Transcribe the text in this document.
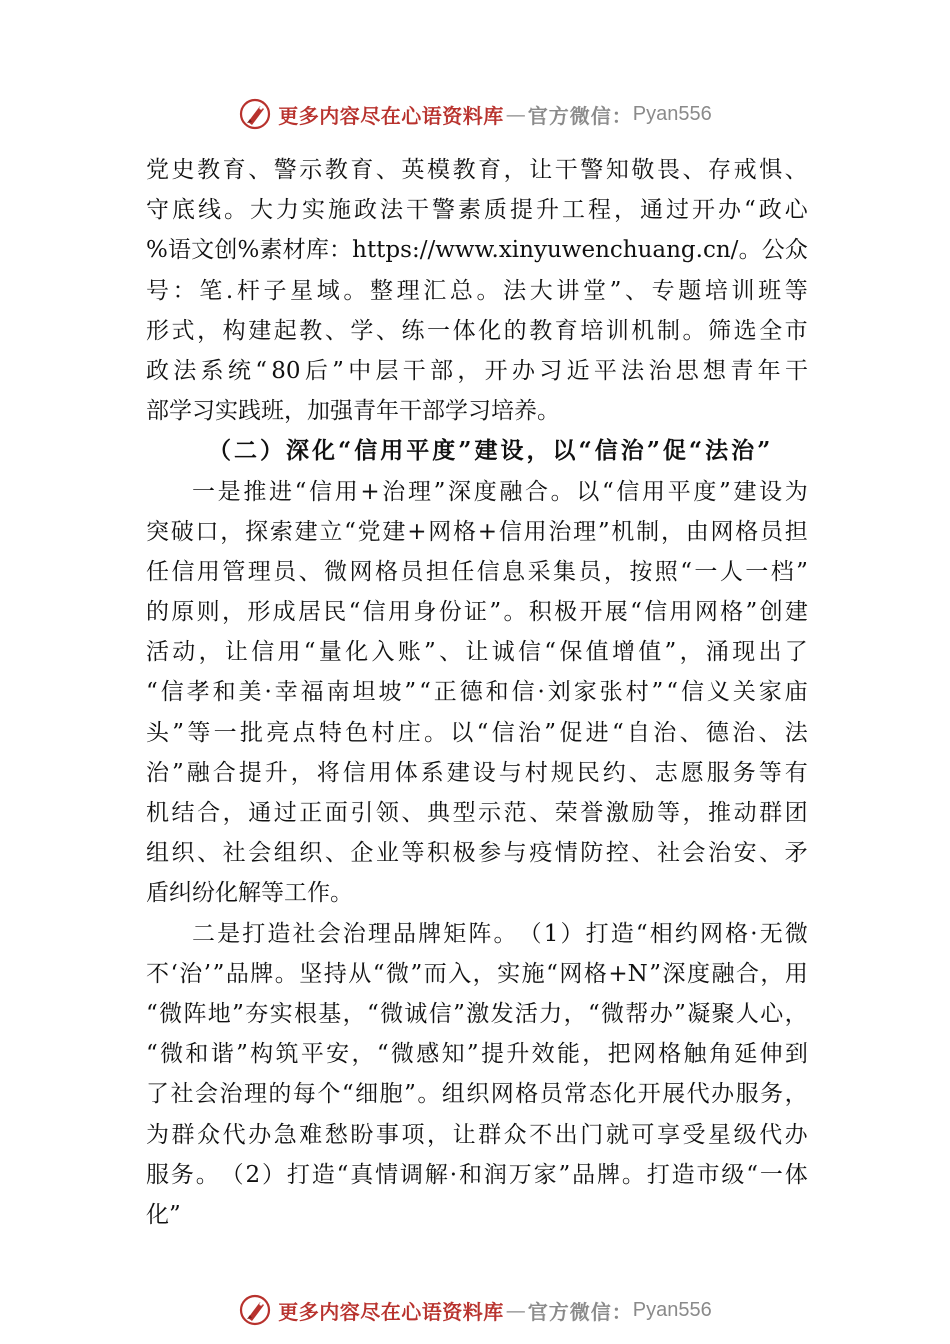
更多内容尽在心语资料库 — 官方微信： Pyan556
党 史 教 育 、 警 示 教 育 、 英 模 教 育 ， 让 干 警 知 敬 畏 、 存 戒 惧 、
守 底 线 。 大 力 实 施 政 法 干 警 素 质 提 升 工 程 ， 通 过 开 办 “ 政 心
% 语 文 创 % 素 材 库 ： https://www.xinyuwenchuang.cn/ 。 公 众
号 ： 笔 . 杆 子 星 域 。 整 理 汇 总 。 法 大 讲 堂 ” 、 专 题 培 训 班 等
形 式 ， 构 建 起 教 、 学 、 练 一 体 化 的 教 育 培 训 机 制 。 筛 选 全 市
政 法 系 统 “ 80 后 ” 中 层 干 部 ， 开 办 习 近 平 法 治 思 想 青 年 干
部学习实践班，加强青年干部学习培养。
（二）深化“信用平度”建设，以“信治”促“法治”
一 是 推 进 “ 信 用 + 治 理 ” 深 度 融 合 。 以 “ 信 用 平 度 ” 建 设 为
突 破 口 ， 探 索 建 立 “ 党 建 + 网 格 + 信 用 治 理 ” 机 制 ， 由 网 格 员 担
任 信 用 管 理 员 、 微 网 格 员 担 任 信 息 采 集 员 ， 按 照 “ 一 人 一 档 ”
的 原 则 ， 形 成 居 民 “ 信 用 身 份 证 ” 。 积 极 开 展 “ 信 用 网 格 ” 创 建
活 动 ， 让 信 用 “ 量 化 入 账 ” 、 让 诚 信 “ 保 值 增 值 ” ， 涌 现 出 了
“ 信 孝 和 美 · 幸 福 南 坦 坡 ” “ 正 德 和 信 · 刘 家 张 村 ” “ 信 义 关 家 庙
头 ” 等 一 批 亮 点 特 色 村 庄 。 以 “ 信 治 ” 促 进 “ 自 治 、 德 治 、 法
治 ” 融 合 提 升 ， 将 信 用 体 系 建 设 与 村 规 民 约 、 志 愿 服 务 等 有
机 结 合 ， 通 过 正 面 引 领 、 典 型 示 范 、 荣 誉 激 励 等 ， 推 动 群 团
组 织 、 社 会 组 织 、 企 业 等 积 极 参 与 疫 情 防 控 、 社 会 治 安 、 矛
盾纠纷化解等工作。
二 是 打 造 社 会 治 理 品 牌 矩 阵 。 （ 1 ） 打 造 “ 相 约 网 格 · 无 微
不 ‘ 治 ’ ” 品 牌 。 坚 持 从 “ 微 ” 而 入 ， 实 施 “ 网 格 +N ” 深 度 融 合 ， 用
“ 微 阵 地 ” 夯 实 根 基 ， “ 微 诚 信 ” 激 发 活 力 ， “ 微 帮 办 ” 凝 聚 人 心 ，
“ 微 和 谐 ” 构 筑 平 安 ， “ 微 感 知 ” 提 升 效 能 ， 把 网 格 触 角 延 伸 到
了 社 会 治 理 的 每 个 “ 细 胞 ” 。 组 织 网 格 员 常 态 化 开 展 代 办 服 务 ，
为 群 众 代 办 急 难 愁 盼 事 项 ， 让 群 众 不 出 门 就 可 享 受 星 级 代 办
服 务 。 （ 2 ） 打 造 “ 真 情 调 解 · 和 润 万 家 ” 品 牌 。 打 造 市 级 “ 一 体
化”
更多内容尽在心语资料库 — 官方微信： Pyan556
